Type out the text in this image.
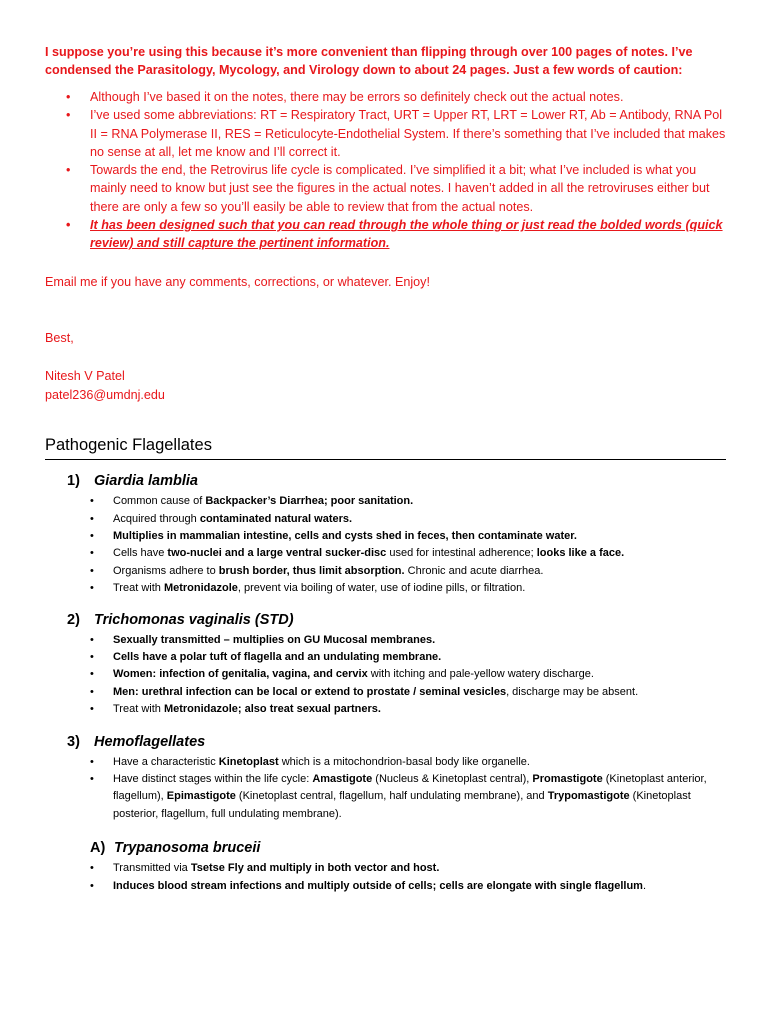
I suppose you’re using this because it’s more convenient than flipping through over 100 pages of notes. I’ve condensed the Parasitology, Mycology, and Virology down to about 24 pages. Just a few words of caution:

• Although I’ve based it on the notes, there may be errors so definitely check out the actual notes.
• I’ve used some abbreviations: RT = Respiratory Tract, URT = Upper RT, LRT = Lower RT, Ab = Antibody, RNA Pol II = RNA Polymerase II, RES = Reticulocyte-Endothelial System. If there’s something that I’ve included that makes no sense at all, let me know and I’ll correct it.
• Towards the end, the Retrovirus life cycle is complicated. I’ve simplified it a bit; what I’ve included is what you mainly need to know but just see the figures in the actual notes. I haven’t added in all the retroviruses either but there are only a few so you’ll easily be able to review that from the actual notes.
• It has been designed such that you can read through the whole thing or just read the bolded words (quick review) and still capture the pertinent information.

Email me if you have any comments, corrections, or whatever. Enjoy!

Best,

Nitesh V Patel

patel236@umdnj.edu

Pathogenic Flagellates
1) Giardia lamblia
• Common cause of Backpacker’s Diarrhea; poor sanitation.
• Acquired through contaminated natural waters.
• Multiplies in mammalian intestine, cells and cysts shed in feces, then contaminate water.
• Cells have two-nuclei and a large ventral sucker-disc used for intestinal adherence; looks like a face.
• Organisms adhere to brush border, thus limit absorption. Chronic and acute diarrhea.
• Treat with Metronidazole, prevent via boiling of water, use of iodine pills, or filtration.
2) Trichomonas vaginalis (STD)
• Sexually transmitted – multiplies on GU Mucosal membranes.
• Cells have a polar tuft of flagella and an undulating membrane.
• Women: infection of genitalia, vagina, and cervix with itching and pale-yellow watery discharge.
• Men: urethral infection can be local or extend to prostate / seminal vesicles, discharge may be absent.
• Treat with Metronidazole; also treat sexual partners.
3) Hemoflagellates
• Have a characteristic Kinetoplast which is a mitochondrion-basal body like organelle.
• Have distinct stages within the life cycle: Amastigote (Nucleus & Kinetoplast central), Promastigote (Kinetoplast anterior, flagellum), Epimastigote (Kinetoplast central, flagellum, half undulating membrane), and Trypomastigote (Kinetoplast posterior, flagellum, full undulating membrane).
A) Trypanosoma bruceii
• Transmitted via Tsetse Fly and multiply in both vector and host.
• Induces blood stream infections and multiply outside of cells; cells are elongate with single flagellum.
